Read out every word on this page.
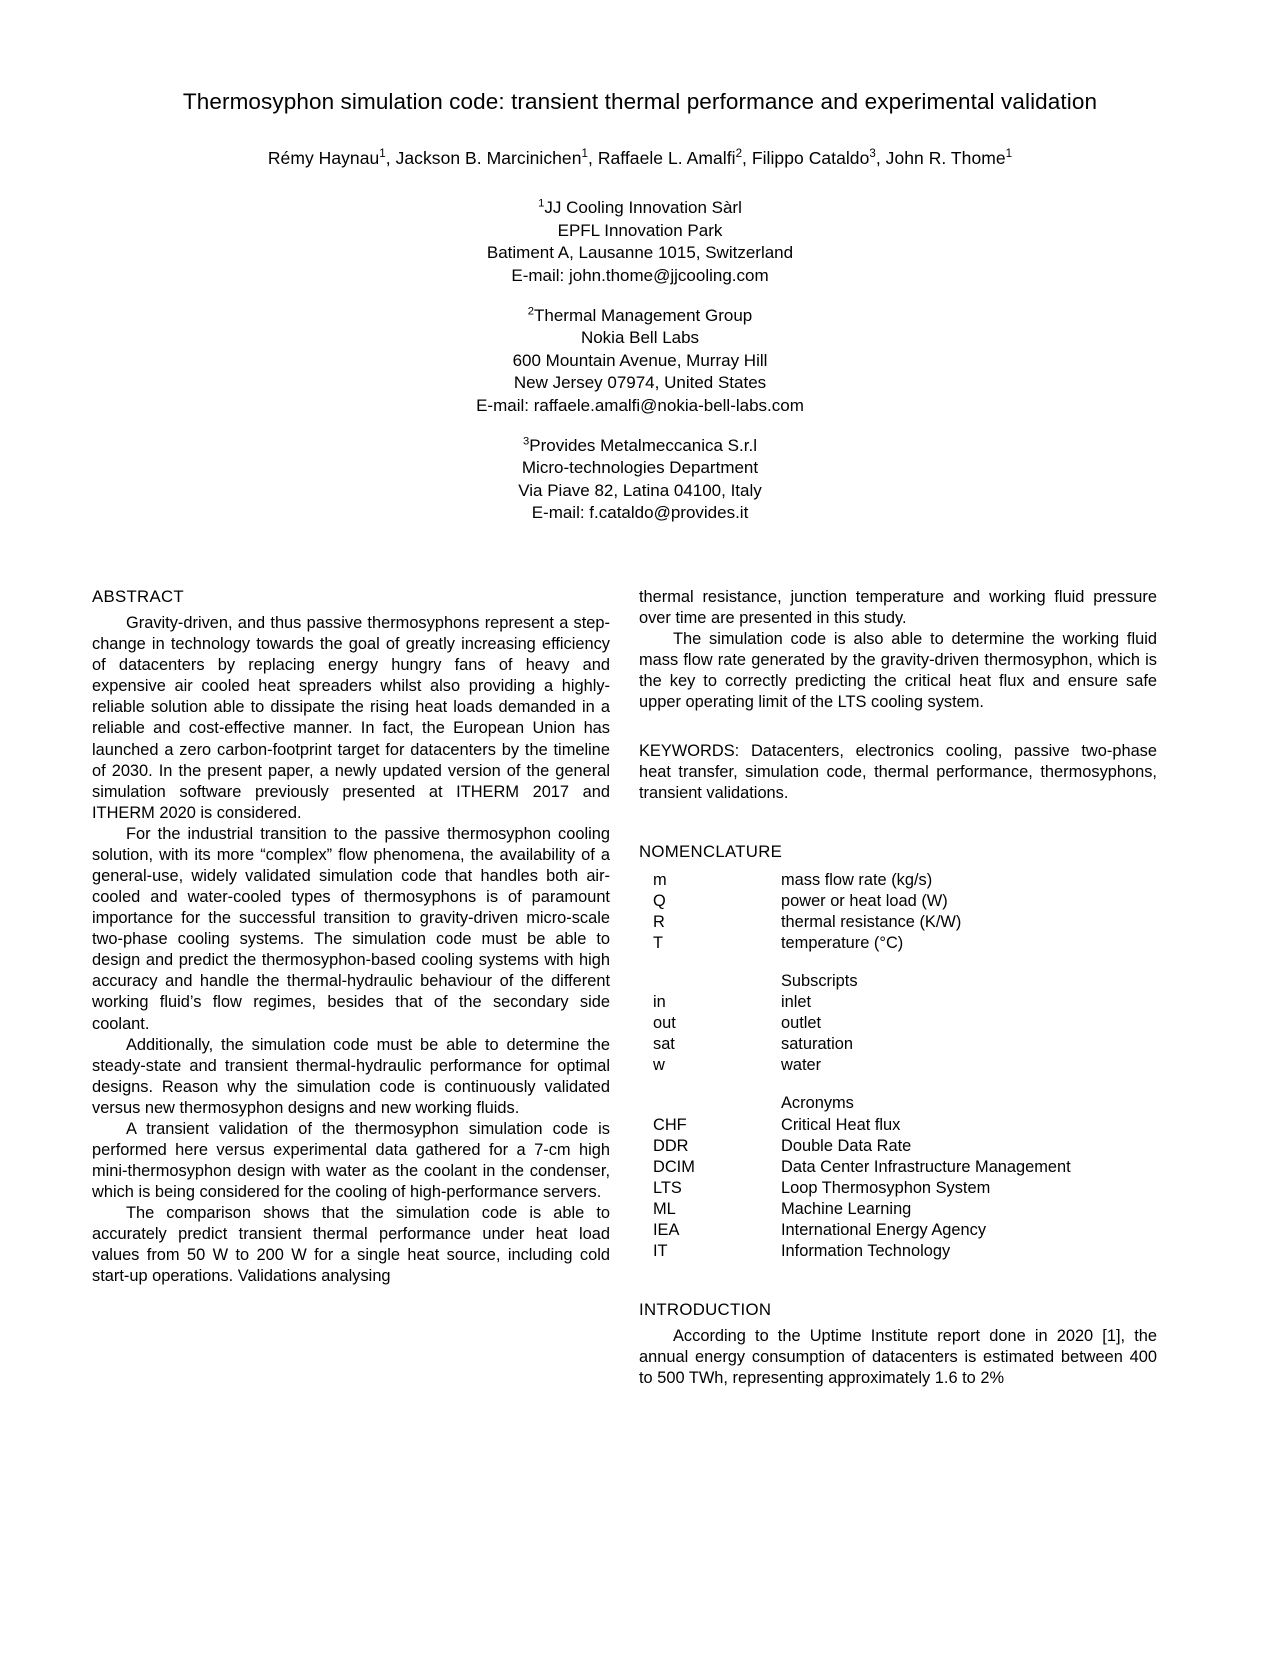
Thermosyphon simulation code: transient thermal performance and experimental validation
Rémy Haynau$^1$, Jackson B. Marcinichen$^1$, Raffaele L. Amalfi$^2$, Filippo Cataldo$^3$, John R. Thome$^1$
$^1$JJ Cooling Innovation Sàrl
EPFL Innovation Park
Batiment A, Lausanne 1015, Switzerland
E-mail: john.thome@jjcooling.com
$^2$Thermal Management Group
Nokia Bell Labs
600 Mountain Avenue, Murray Hill
New Jersey 07974, United States
E-mail: raffaele.amalfi@nokia-bell-labs.com
$^3$Provides Metalmeccanica S.r.l
Micro-technologies Department
Via Piave 82, Latina 04100, Italy
E-mail: f.cataldo@provides.it
ABSTRACT

Gravity-driven, and thus passive thermosyphons represent a step-change in technology towards the goal of greatly increasing efficiency of datacenters by replacing energy hungry fans of heavy and expensive air cooled heat spreaders whilst also providing a highly-reliable solution able to dissipate the rising heat loads demanded in a reliable and cost-effective manner. In fact, the European Union has launched a zero carbon-footprint target for datacenters by the timeline of 2030. In the present paper, a newly updated version of the general simulation software previously presented at ITHERM 2017 and ITHERM 2020 is considered.

For the industrial transition to the passive thermosyphon cooling solution, with its more “complex” flow phenomena, the availability of a general-use, widely validated simulation code that handles both air-cooled and water-cooled types of thermosyphons is of paramount importance for the successful transition to gravity-driven micro-scale two-phase cooling systems. The simulation code must be able to design and predict the thermosyphon-based cooling systems with high accuracy and handle the thermal-hydraulic behaviour of the different working fluid’s flow regimes, besides that of the secondary side coolant.

Additionally, the simulation code must be able to determine the steady-state and transient thermal-hydraulic performance for optimal designs. Reason why the simulation code is continuously validated versus new thermosyphon designs and new working fluids.

A transient validation of the thermosyphon simulation code is performed here versus experimental data gathered for a 7-cm high mini-thermosyphon design with water as the coolant in the condenser, which is being considered for the cooling of high-performance servers.

The comparison shows that the simulation code is able to accurately predict transient thermal performance under heat load values from 50 W to 200 W for a single heat source, including cold start-up operations. Validations analysing

thermal resistance, junction temperature and working fluid pressure over time are presented in this study.

The simulation code is also able to determine the working fluid mass flow rate generated by the gravity-driven thermosyphon, which is the key to correctly predicting the critical heat flux and ensure safe upper operating limit of the LTS cooling system.

KEYWORDS: Datacenters, electronics cooling, passive two-phase heat transfer, simulation code, thermal performance, thermosyphons, transient validations.

NOMENCLATURE
m	mass flow rate (kg/s)
Q	power or heat load (W)
R	thermal resistance (K/W)
T	temperature (°C)
Subscripts
in	inlet
out	outlet
sat	saturation
w	water
Acronyms
CHF	Critical Heat flux
DDR	Double Data Rate
DCIM	Data Center Infrastructure Management
LTS	Loop Thermosyphon System
ML	Machine Learning
IEA	International Energy Agency
IT	Information Technology
INTRODUCTION

According to the Uptime Institute report done in 2020 [1], the annual energy consumption of datacenters is estimated between 400 to 500 TWh, representing approximately 1.6 to 2%
